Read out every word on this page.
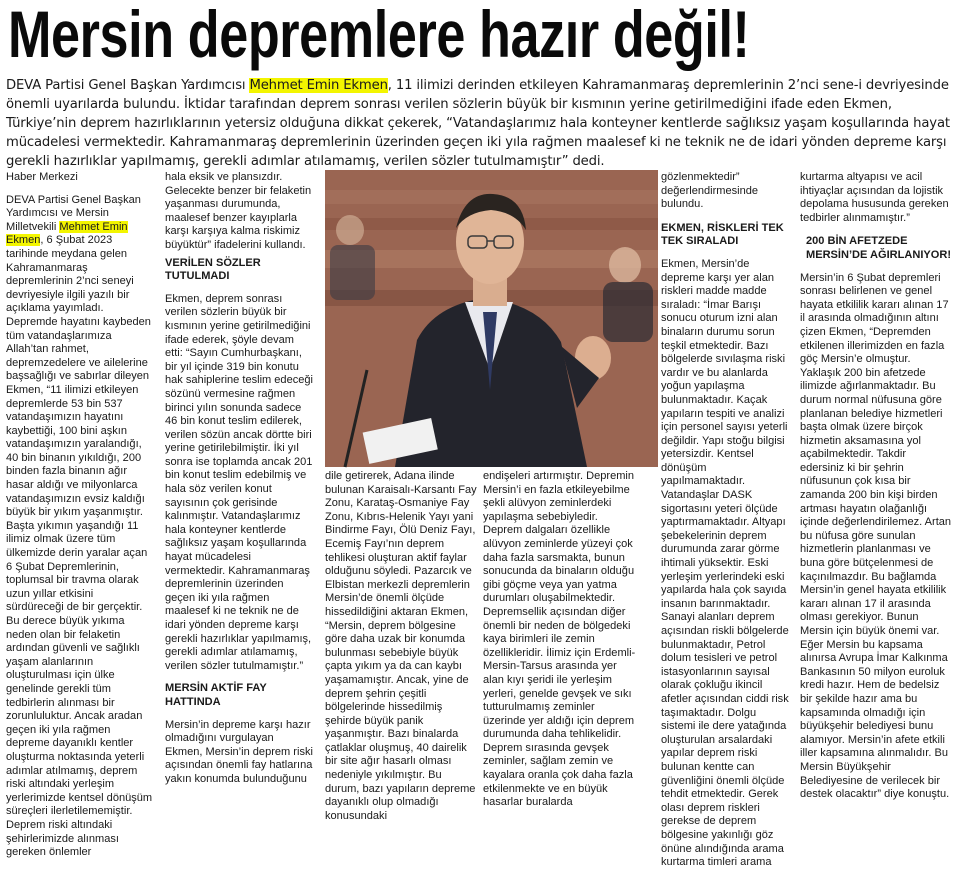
Mersin depremlere hazır değil!
DEVA Partisi Genel Başkan Yardımcısı Mehmet Emin Ekmen, 11 ilimizi derinden etkileyen Kahramanmaraş depremlerinin 2’nci sene-i devriyesinde önemli uyarılarda bulundu. İktidar tarafından deprem sonrası verilen sözlerin büyük bir kısmının yerine getirilmediğini ifade eden Ekmen, Türkiye’nin deprem hazırlıklarının yetersiz olduğuna dikkat çekerek, “Vatandaşlarımız hala konteyner kentlerde sağlıksız yaşam koşullarında hayat mücadelesi vermektedir. Kahramanmaraş depremlerinin üzerinden geçen iki yıla rağmen maalesef ki ne teknik ne de idari yönden depreme karşı gerekli hazırlıklar yapılmamış, gerekli adımlar atılamamış, verilen sözler tutulmamıştır” dedi.

Haber Merkezi

DEVA Partisi Genel Başkan Yardımcısı ve Mersin Milletvekili Mehmet Emin Ekmen, 6 Şubat 2023 tarihinde meydana gelen Kahramanmaraş depremlerinin 2’nci seneyi devriyesiyle ilgili yazılı bir açıklama yayımladı. Depremde hayatını kaybeden tüm vatandaşlarımıza Allah’tan rahmet, depremzedelere ve ailelerine başsağlığı ve sabırlar dileyen Ekmen, “11 ilimizi etkileyen depremlerde 53 bin 537 vatandaşımızın hayatını kaybettiği, 100 bini aşkın vatandaşımızın yaralandığı, 40 bin binanın yıkıldığı, 200 binden fazla binanın ağır hasar aldığı ve milyonlarca vatandaşımızın evsiz kaldığı büyük bir yıkım yaşanmıştır. Başta yıkımın yaşandığı 11 ilimiz olmak üzere tüm ülkemizde derin yaralar açan 6 Şubat Depremlerinin, toplumsal bir travma olarak uzun yıllar etkisini sürdüreceği de bir gerçektir. Bu derece büyük yıkıma neden olan bir felaketin ardından güvenli ve sağlıklı yaşam alanlarının oluşturulması için ülke genelinde gerekli tüm tedbirlerin alınması bir zorunluluktur. Ancak aradan geçen iki yıla rağmen depreme dayanıklı kentler oluşturma noktasında yeterli adımlar atılmamış, deprem riski altındaki yerleşim yerlerimizde kentsel dönüşüm süreçleri ilerletilememiştir. Deprem riski altındaki şehirlerimizde alınması gereken önlemler

hala eksik ve plansızdır. Gelecekte benzer bir felaketin yaşanması durumunda, maalesef benzer kayıplarla karşı karşıya kalma riskimiz büyüktür” ifadelerini kullandı.

VERİLEN SÖZLER TUTULMADI

Ekmen, deprem sonrası verilen sözlerin büyük bir kısmının yerine getirilmediğini ifade ederek, şöyle devam etti: “Sayın Cumhurbaşkanı, bir yıl içinde 319 bin konutu hak sahiplerine teslim edeceği sözünü vermesine rağmen birinci yılın sonunda sadece 46 bin konut teslim edilerek, verilen sözün ancak dörtte biri yerine getirilebilmiştir. İki yıl sonra ise toplamda ancak 201 bin konut teslim edebilmiş ve hala söz verilen konut sayısının çok gerisinde kalınmıştır. Vatandaşlarımız hala konteyner kentlerde sağlıksız yaşam koşullarında hayat mücadelesi vermektedir. Kahramanmaraş depremlerinin üzerinden geçen iki yıla rağmen maalesef ki ne teknik ne de idari yönden depreme karşı gerekli hazırlıklar yapılmamış, gerekli adımlar atılamamış, verilen sözler tutulmamıştır.”

MERSİN AKTİF FAY HATTINDA

Mersin’in depreme karşı hazır olmadığını vurgulayan Ekmen, Mersin’in deprem riski açısından önemli fay hatlarına yakın konumda bulunduğunu

dile getirerek, Adana ilinde bulunan Karaisalı-Karsantı Fay Zonu, Karataş-Osmaniye Fay Zonu, Kıbrıs-Helenik Yayı yani Bindirme Fayı, Ölü Deniz Fayı, Ecemiş Fayı’nın deprem tehlikesi oluşturan aktif faylar olduğunu söyledi. Pazarcık ve Elbistan merkezli depremlerin Mersin’de önemli ölçüde hissedildiğini aktaran Ekmen, “Mersin, deprem bölgesine göre daha uzak bir konumda bulunması sebebiyle büyük çapta yıkım ya da can kaybı yaşamamıştır. Ancak, yine de deprem şehrin çeşitli bölgelerinde hissedilmiş şehirde büyük panik yaşanmıştır. Bazı binalarda çatlaklar oluşmuş, 40 dairelik bir site ağır hasarlı olması nedeniyle yıkılmıştır. Bu durum, bazı yapıların depreme dayanıklı olup olmadığı konusundaki

endişeleri artırmıştır. Depremin Mersin’i en fazla etkileyebilme şekli alüvyon zeminlerdeki yapılaşma sebebiyledir. Deprem dalgaları özellikle alüvyon zeminlerde yüzeyi çok daha fazla sarsmakta, bunun sonucunda da binaların olduğu gibi göçme veya yan yatma durumları oluşabilmektedir. Depremsellik açısından diğer önemli bir neden de bölgedeki kaya birimleri ile zemin özellikleridir. İlimiz için Erdemli-Mersin-Tarsus arasında yer alan kıyı şeridi ile yerleşim yerleri, genelde gevşek ve sıkı tutturulmamış zeminler üzerinde yer aldığı için deprem durumunda daha tehlikelidir. Deprem sırasında gevşek zeminler, sağlam zemin ve kayalara oranla çok daha fazla etkilenmekte ve en büyük hasarlar buralarda

gözlenmektedir” değerlendirmesinde bulundu.

EKMEN, RİSKLERİ TEK TEK SIRALADI

Ekmen, Mersin’de depreme karşı yer alan riskleri madde madde sıraladı: “İmar Barışı sonucu oturum izni alan binaların durumu sorun teşkil etmektedir. Bazı bölgelerde sıvılaşma riski vardır ve bu alanlarda yoğun yapılaşma bulunmaktadır. Kaçak yapıların tespiti ve analizi için personel sayısı yeterli değildir. Yapı stoğu bilgisi yetersizdir. Kentsel dönüşüm yapılmamaktadır. Vatandaşlar DASK sigortasını yeteri ölçüde yaptırmamaktadır. Altyapı şebekelerinin deprem durumunda zarar görme ihtimali yüksektir. Eski yerleşim yerlerindeki eski yapılarda hala çok sayıda insanın barınmaktadır. Sanayi alanları deprem açısından riskli bölgelerde bulunmaktadır, Petrol dolum tesisleri ve petrol istasyonlarının sayısal olarak çokluğu ikincil afetler açısından ciddi risk taşımaktadır. Dolgu sistemi ile dere yatağında oluşturulan arsalardaki yapılar deprem riski bulunan kentte can güvenliğini önemli ölçüde tehdit etmektedir. Gerek olası deprem riskleri gerekse de deprem bölgesine yakınlığı göz önüne alındığında arama kurtarma timleri arama

kurtarma altyapısı ve acil ihtiyaçlar açısından da lojistik depolama hususunda gereken tedbirler alınmamıştır.”

200 BİN AFETZEDE MERSİN’DE AĞIRLANIYOR!

Mersin’in 6 Şubat depremleri sonrası belirlenen ve genel hayata etkililik kararı alınan 17 il arasında olmadığının altını çizen Ekmen, “Depremden etkilenen illerimizden en fazla göç Mersin’e olmuştur. Yaklaşık 200 bin afetzede ilimizde ağırlanmaktadır. Bu durum normal nüfusuna göre planlanan belediye hizmetleri başta olmak üzere birçok hizmetin aksamasına yol açabilmektedir. Takdir edersiniz ki bir şehrin nüfusunun çok kısa bir zamanda 200 bin kişi birden artması hayatın olağanlığı içinde değerlendirilemez. Artan bu nüfusa göre sunulan hizmetlerin planlanması ve buna göre bütçelenmesi de kaçınılmazdır. Bu bağlamda Mersin’in genel hayata etkililik kararı alınan 17 il arasında olması gerekiyor. Bunun Mersin için büyük önemi var. Eğer Mersin bu kapsama alınırsa Avrupa İmar Kalkınma Bankasının 50 milyon euroluk kredi hazır. Hem de bedelsiz bir şekilde hazır ama bu kapsamında olmadığı için büyükşehir belediyesi bunu alamıyor. Mersin’in afete etkili iller kapsamına alınmalıdır. Bu Mersin Büyükşehir Belediyesine de verilecek bir destek olacaktır” diye konuştu.
